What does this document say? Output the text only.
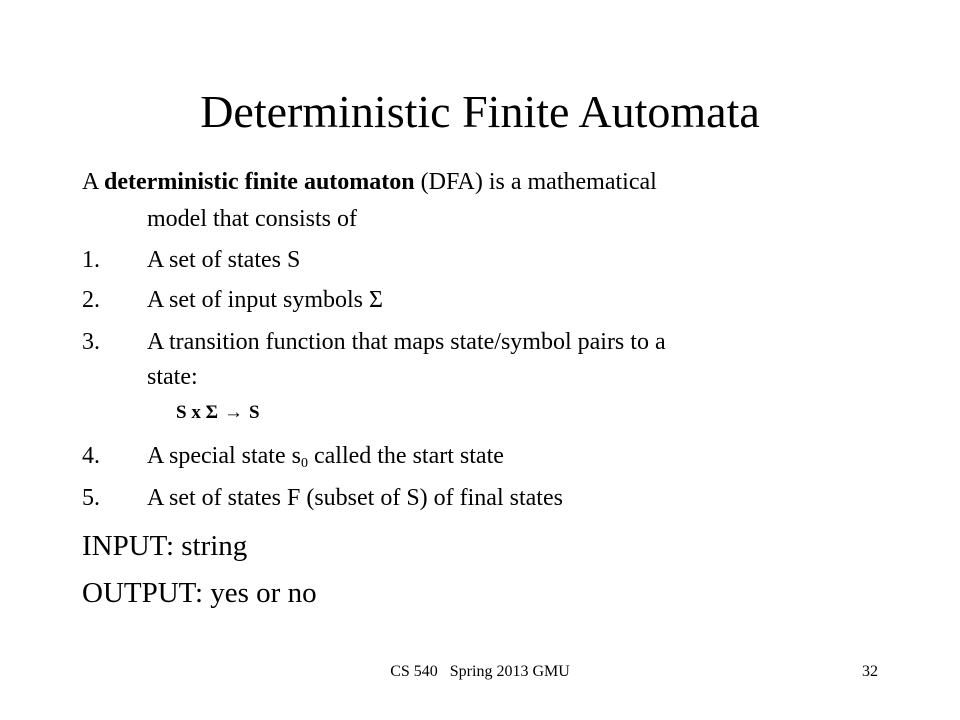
Deterministic Finite Automata
A deterministic finite automaton (DFA) is a mathematical
model that consists of
1. A set of states S
2. A set of input symbols Σ
3. A transition function that maps state/symbol pairs to a
state:
S x Σ → S
4. A special state $s_0$ called the start state
5. A set of states F (subset of S) of final states
INPUT: string
OUTPUT: yes or no
CS 540   Spring 2013 GMU	32
